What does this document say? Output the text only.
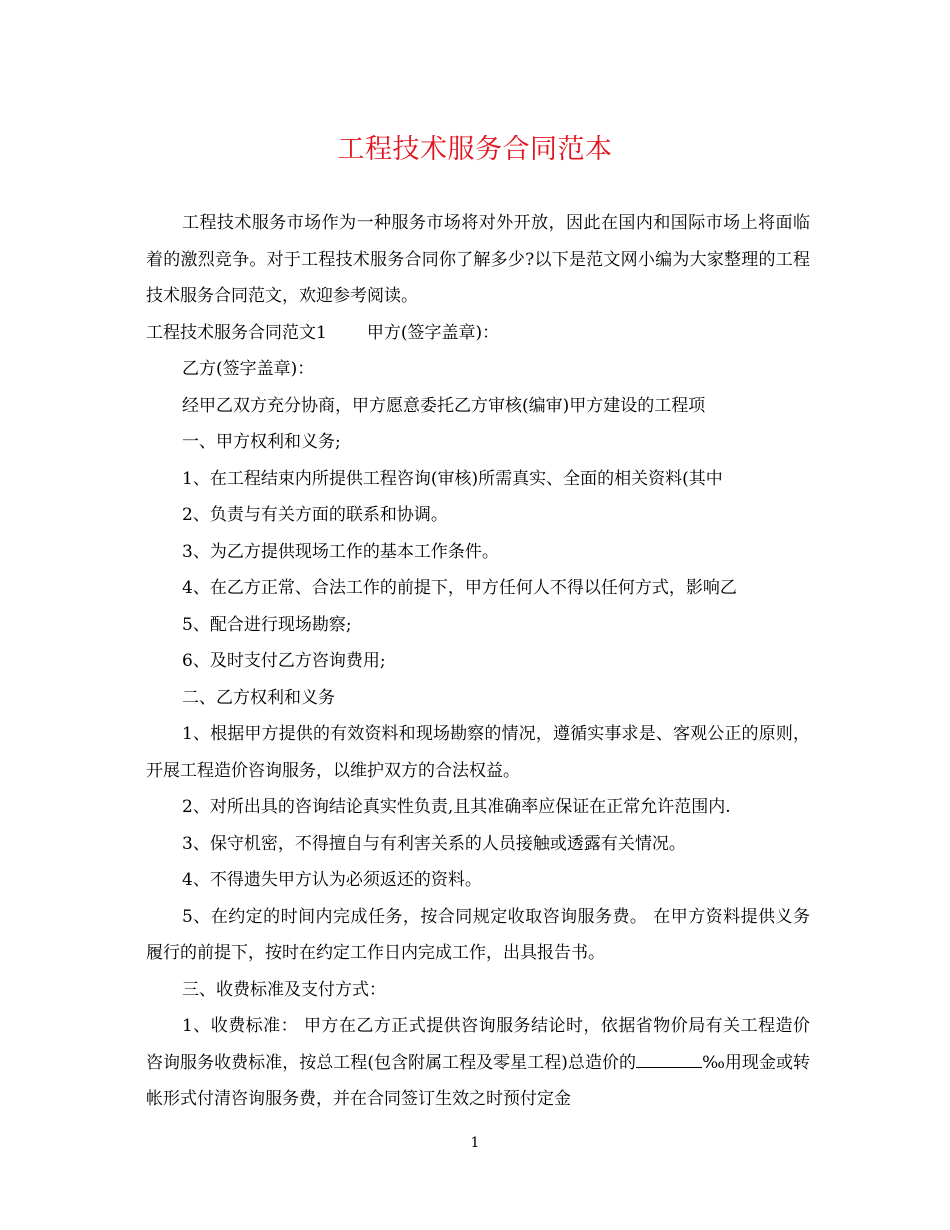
工程技术服务合同范本

工程技术服务市场作为一种服务市场将对外开放，因此在国内和国际市场上将面临着的激烈竞争。对于工程技术服务合同你了解多少?以下是范文网小编为大家整理的工程技术服务合同范文，欢迎参考阅读。

工程技术服务合同范文1 甲方(签字盖章)：

乙方(签字盖章)：

经甲乙双方充分协商，甲方愿意委托乙方审核(编审)甲方建设的工程项

一、甲方权利和义务;

1、在工程结束内所提供工程咨询(审核)所需真实、全面的相关资料(其中

2、负责与有关方面的联系和协调。

3、为乙方提供现场工作的基本工作条件。

4、在乙方正常、合法工作的前提下，甲方任何人不得以任何方式，影响乙

5、配合进行现场勘察;

6、及时支付乙方咨询费用;

二、乙方权利和义务

1、根据甲方提供的有效资料和现场勘察的情况，遵循实事求是、客观公正的原则，开展工程造价咨询服务，以维护双方的合法权益。

2、对所出具的咨询结论真实性负责,且其准确率应保证在正常允许范围内.

3、保守机密，不得擅自与有利害关系的人员接触或透露有关情况。

4、不得遗失甲方认为必须返还的资料。

5、在约定的时间内完成任务，按合同规定收取咨询服务费。 在甲方资料提供义务履行的前提下，按时在约定工作日内完成工作，出具报告书。

三、收费标准及支付方式：

1、收费标准： 甲方在乙方正式提供咨询服务结论时，依据省物价局有关工程造价咨询服务收费标准，按总工程(包含附属工程及零星工程)总造价的	‰用现金或转帐形式付清咨询服务费，并在合同签订生效之时预付定金

1
